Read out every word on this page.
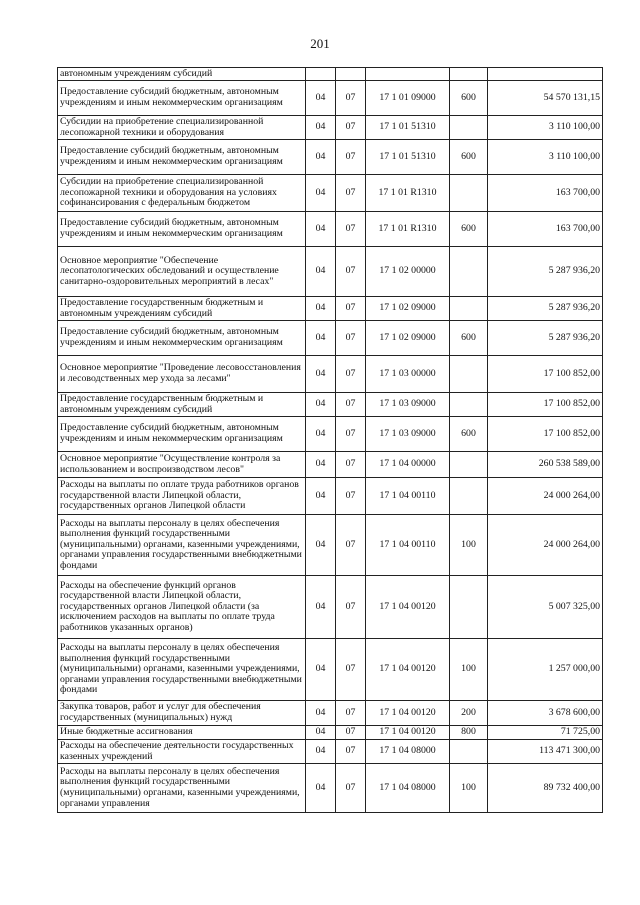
201
автономным учреждениям субсидий					
Предоставление субсидий бюджетным, автономным учреждениям и иным некоммерческим организациям	04	07	17 1 01 09000	600	54 570 131,15
Субсидии на приобретение специализированной лесопожарной техники и оборудования	04	07	17 1 01 51310		3 110 100,00
Предоставление субсидий бюджетным, автономным учреждениям и иным некоммерческим организациям	04	07	17 1 01 51310	600	3 110 100,00
Субсидии на приобретение специализированной лесопожарной техники и оборудования на условиях софинансирования с федеральным бюджетом	04	07	17 1 01 R1310		163 700,00
Предоставление субсидий бюджетным, автономным учреждениям и иным некоммерческим организациям	04	07	17 1 01 R1310	600	163 700,00
Основное мероприятие "Обеспечение лесопатологических обследований и осуществление санитарно-оздоровительных мероприятий в лесах"	04	07	17 1 02 00000		5 287 936,20
Предоставление государственным бюджетным и автономным учреждениям субсидий	04	07	17 1 02 09000		5 287 936,20
Предоставление субсидий бюджетным, автономным учреждениям и иным некоммерческим организациям	04	07	17 1 02 09000	600	5 287 936,20
Основное мероприятие "Проведение лесовосстановления и лесоводственных мер ухода за лесами"	04	07	17 1 03 00000		17 100 852,00
Предоставление государственным бюджетным и автономным учреждениям субсидий	04	07	17 1 03 09000		17 100 852,00
Предоставление субсидий бюджетным, автономным учреждениям и иным некоммерческим организациям	04	07	17 1 03 09000	600	17 100 852,00
Основное мероприятие "Осуществление контроля за использованием и воспроизводством лесов"	04	07	17 1 04 00000		260 538 589,00
Расходы на выплаты по оплате труда работников органов государственной власти Липецкой области, государственных органов Липецкой области	04	07	17 1 04 00110		24 000 264,00
Расходы на выплаты персоналу в целях обеспечения выполнения функций государственными (муниципальными) органами, казенными учреждениями, органами управления государственными внебюджетными фондами	04	07	17 1 04 00110	100	24 000 264,00
Расходы на обеспечение функций органов государственной власти Липецкой области, государственных органов Липецкой области (за исключением расходов на выплаты по оплате труда работников указанных органов)	04	07	17 1 04 00120		5 007 325,00
Расходы на выплаты персоналу в целях обеспечения выполнения функций государственными (муниципальными) органами, казенными учреждениями, органами управления государственными внебюджетными фондами	04	07	17 1 04 00120	100	1 257 000,00
Закупка товаров, работ и услуг для обеспечения государственных (муниципальных) нужд	04	07	17 1 04 00120	200	3 678 600,00
Иные бюджетные ассигнования	04	07	17 1 04 00120	800	71 725,00
Расходы на обеспечение деятельности государственных казенных учреждений	04	07	17 1 04 08000		113 471 300,00
Расходы на выплаты персоналу в целях обеспечения выполнения функций государственными (муниципальными) органами, казенными учреждениями, органами управления	04	07	17 1 04 08000	100	89 732 400,00
